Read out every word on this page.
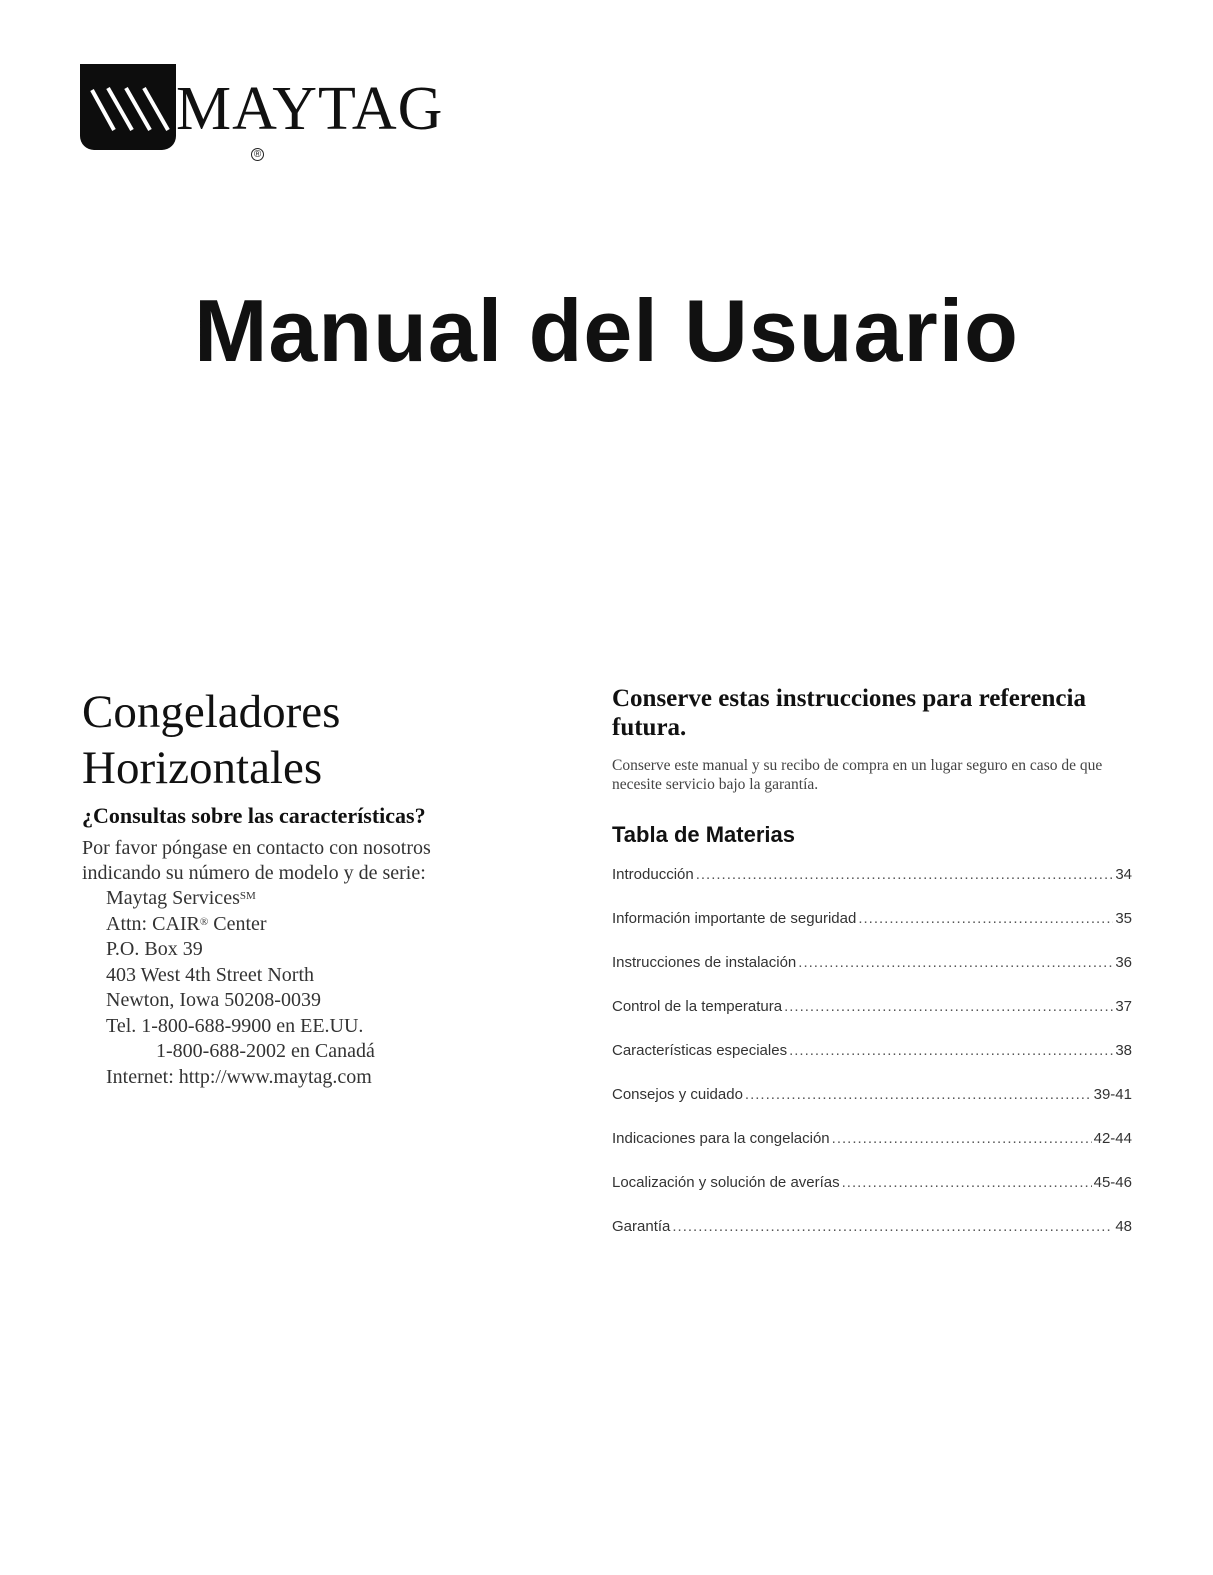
MAYTAG
®
Manual del Usuario
Congeladores
Horizontales
¿Consultas sobre las características?
Por favor póngase en contacto con nosotros
indicando su número de modelo y de serie:
Maytag Services℠
Attn: CAIR® Center
P.O. Box 39
403 West 4th Street North
Newton, Iowa 50208-0039
Tel. 1-800-688-9900 en EE.UU.
1-800-688-2002 en Canadá
Internet: http://www.maytag.com
Conserve estas instrucciones para referencia futura.
Conserve este manual y su recibo de compra en un lugar seguro en caso de que necesite servicio bajo la garantía.
Tabla de Materias
Introducción .....	34
Información importante de seguridad .....	35
Instrucciones de instalación .....	36
Control de la temperatura .....	37
Características especiales .....	38
Consejos y cuidado .....	39-41
Indicaciones para la congelación .....	42-44
Localización y solución de averías .....	45-46
Garantía .....	48
